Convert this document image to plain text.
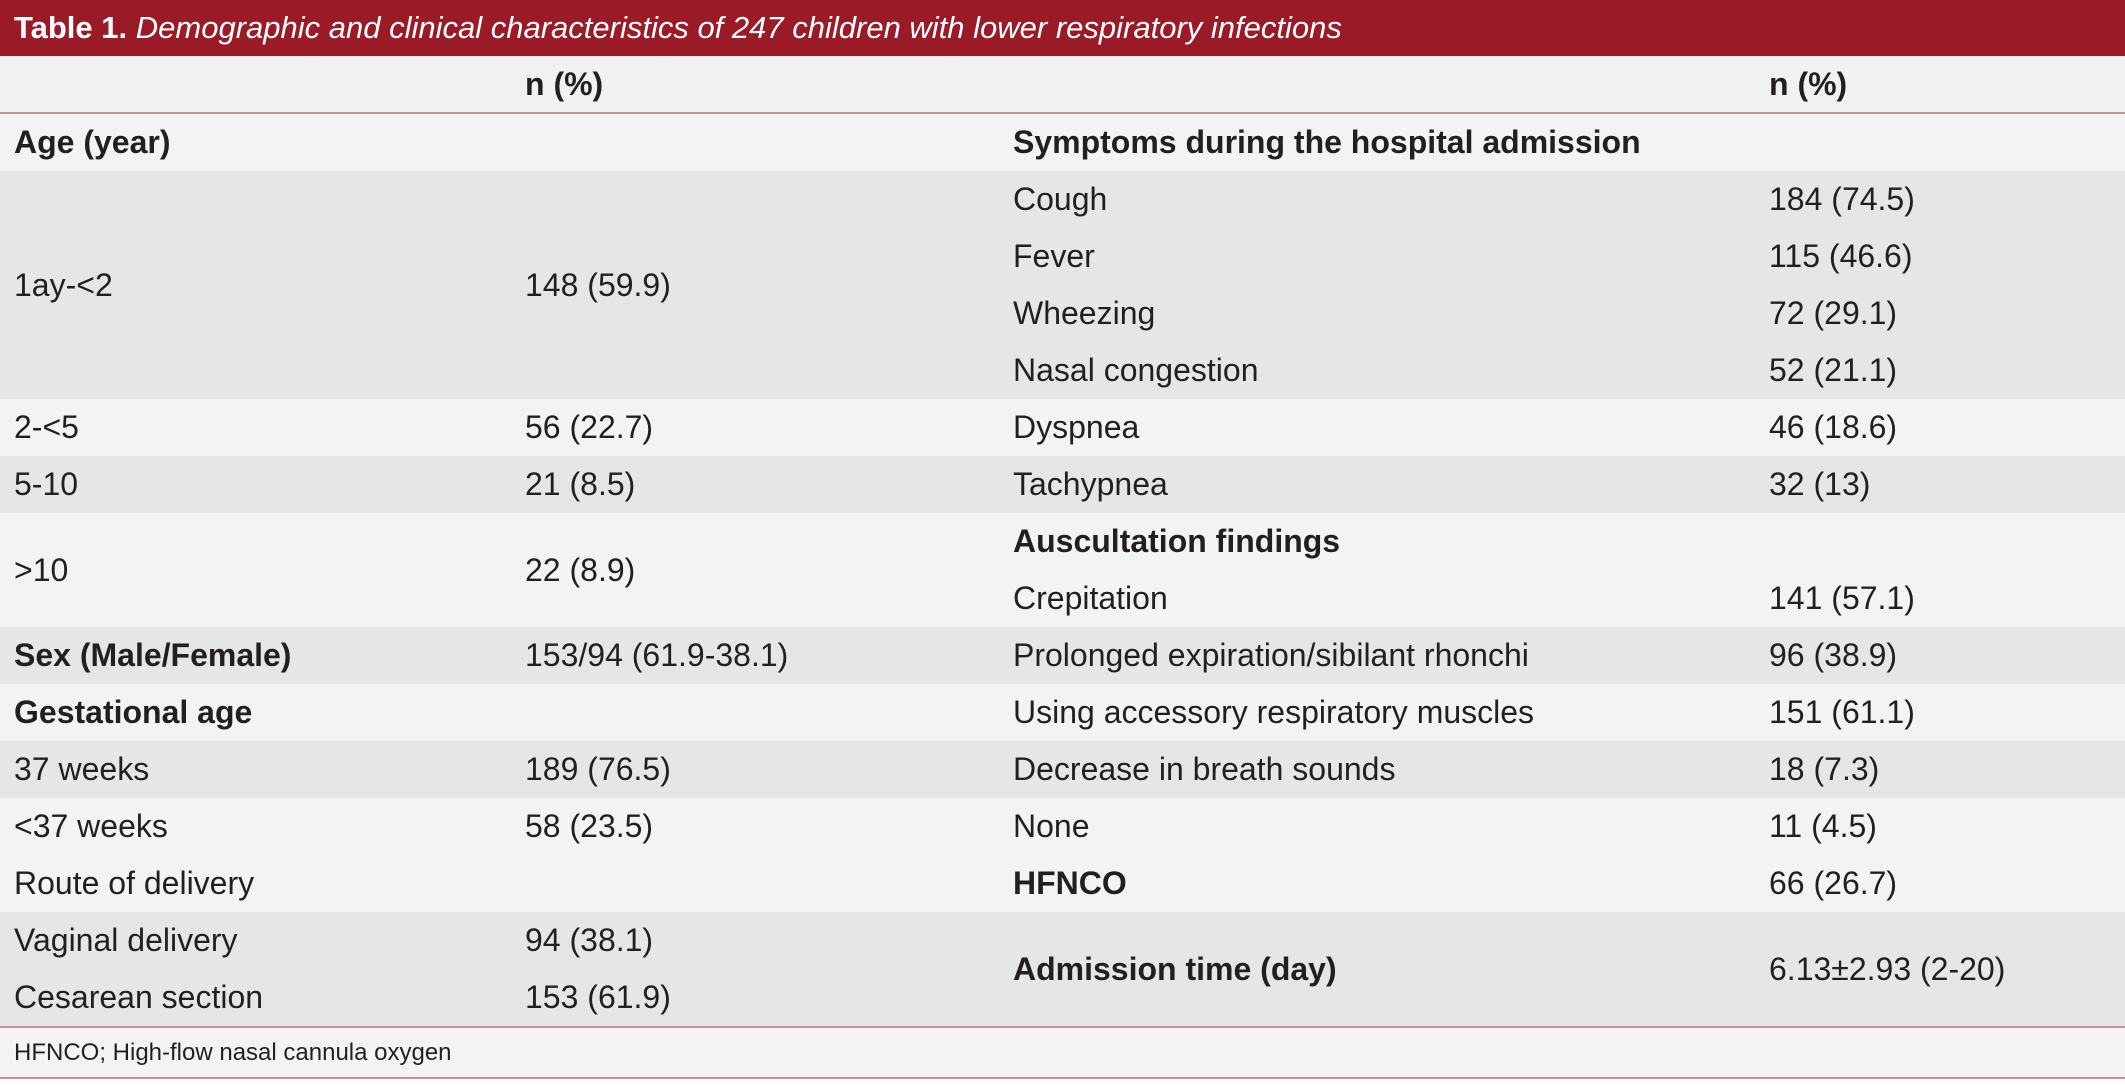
Table 1. Demographic and clinical characteristics of 247 children with lower respiratory infections
	n (%)		n (%)
Age (year)		Symptoms during the hospital admission	
1ay-<2	148 (59.9)	Cough	184 (74.5)
		Fever	115 (46.6)
		Wheezing	72 (29.1)
		Nasal congestion	52 (21.1)
2-<5	56 (22.7)	Dyspnea	46 (18.6)
5-10	21 (8.5)	Tachypnea	32 (13)
>10	22 (8.9)	Auscultation findings	
		Crepitation	141 (57.1)
Sex (Male/Female)	153/94 (61.9-38.1)	Prolonged expiration/sibilant rhonchi	96 (38.9)
Gestational age		Using accessory respiratory muscles	151 (61.1)
37 weeks	189 (76.5)	Decrease in breath sounds	18 (7.3)
<37 weeks	58 (23.5)	None	11 (4.5)
Route of delivery		HFNCO	66 (26.7)
Vaginal delivery	94 (38.1)	Admission time (day)	6.13±2.93 (2-20)
Cesarean section	153 (61.9)		
HFNCO; High-flow nasal cannula oxygen			
